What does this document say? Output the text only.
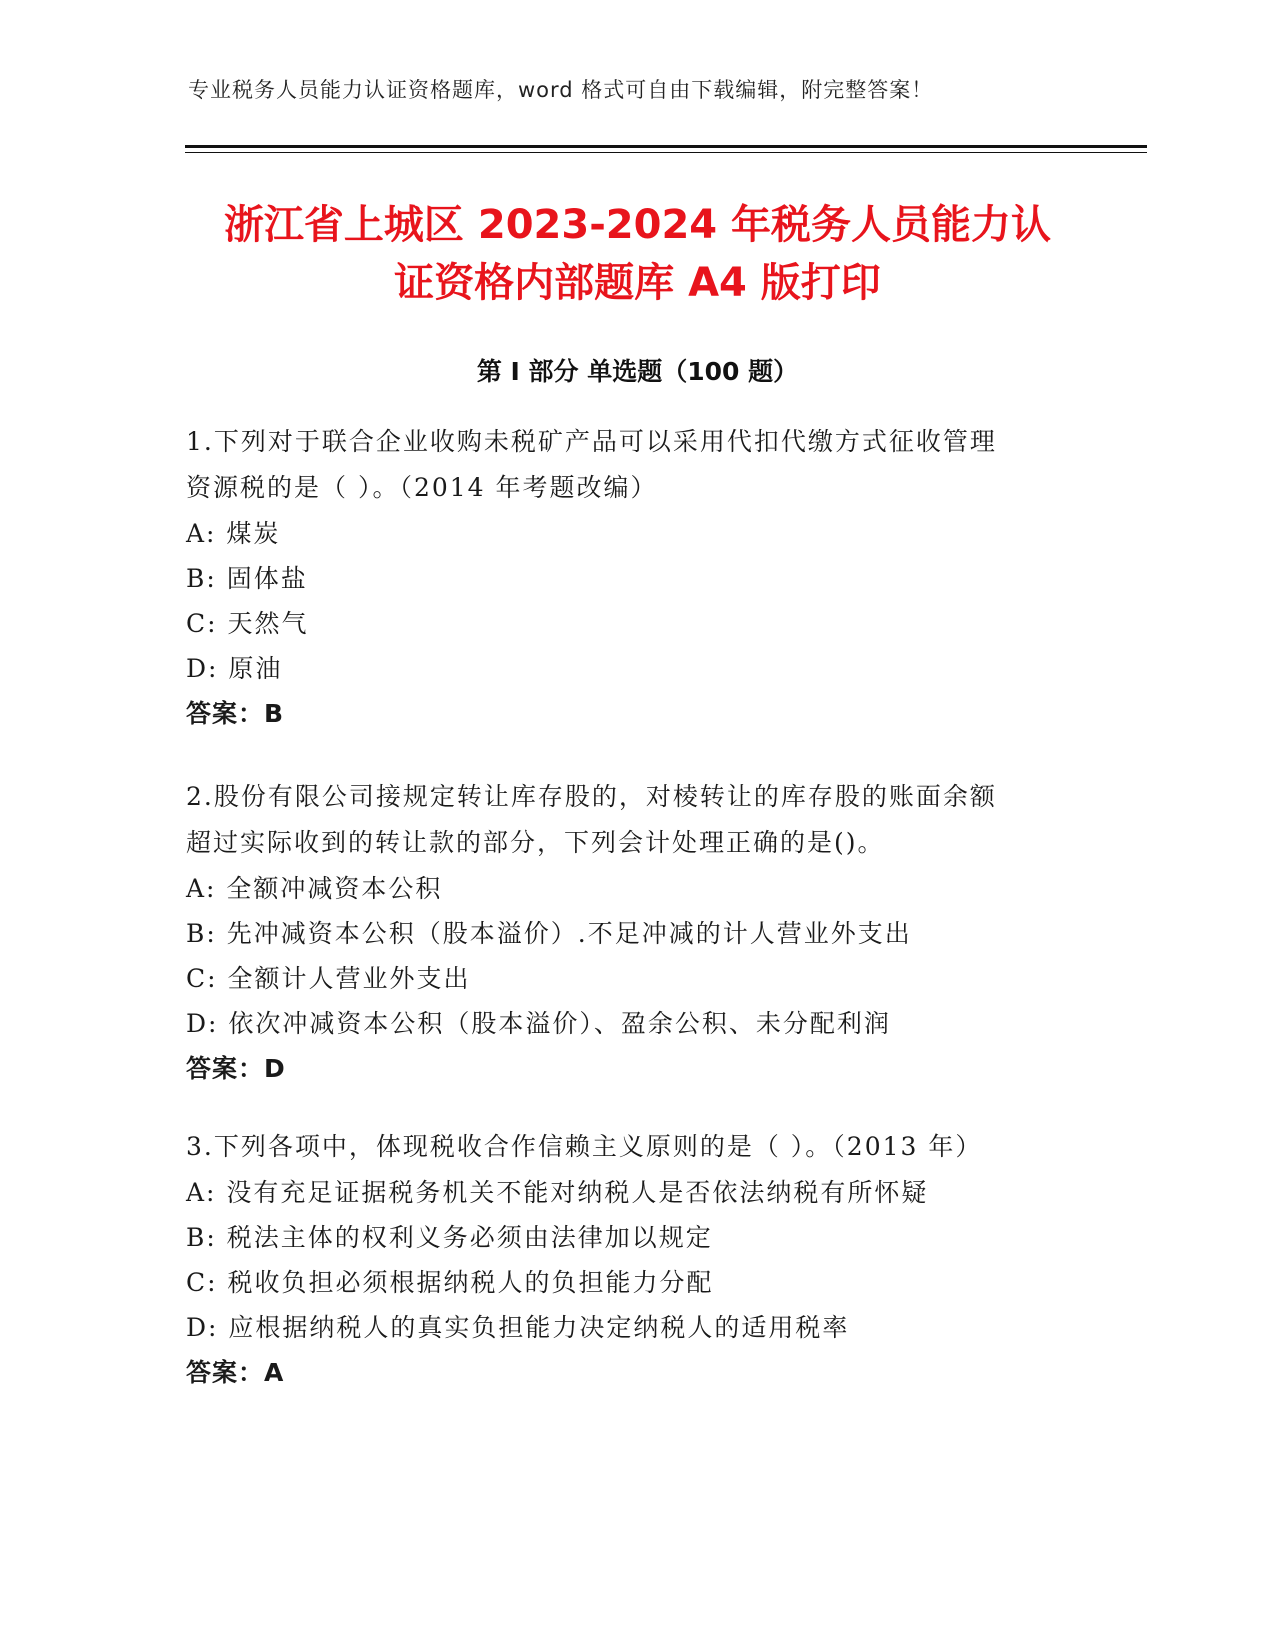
专业税务人员能力认证资格题库，word 格式可自由下载编辑，附完整答案！
浙江省上城区 2023-2024 年税务人员能力认
证资格内部题库 A4 版打印
第 I 部分 单选题（100 题）
1.下列对于联合企业收购未税矿产品可以采用代扣代缴方式征收管理
资源税的是（ ）。（2014 年考题改编）
A: 煤炭
B: 固体盐
C: 天然气
D: 原油
答案：B
2.股份有限公司接规定转让库存股的，对棱转让的库存股的账面余额
超过实际收到的转让款的部分，下列会计处理正确的是()。
A: 全额冲减资本公积
B: 先冲减资本公积（股本溢价）.不足冲减的计人营业外支出
C: 全额计人营业外支出
D: 依次冲减资本公积（股本溢价）、盈余公积、未分配利润
答案：D
3.下列各项中，体现税收合作信赖主义原则的是（ ）。（2013 年）
A: 没有充足证据税务机关不能对纳税人是否依法纳税有所怀疑
B: 税法主体的权利义务必须由法律加以规定
C: 税收负担必须根据纳税人的负担能力分配
D: 应根据纳税人的真实负担能力决定纳税人的适用税率
答案：A
